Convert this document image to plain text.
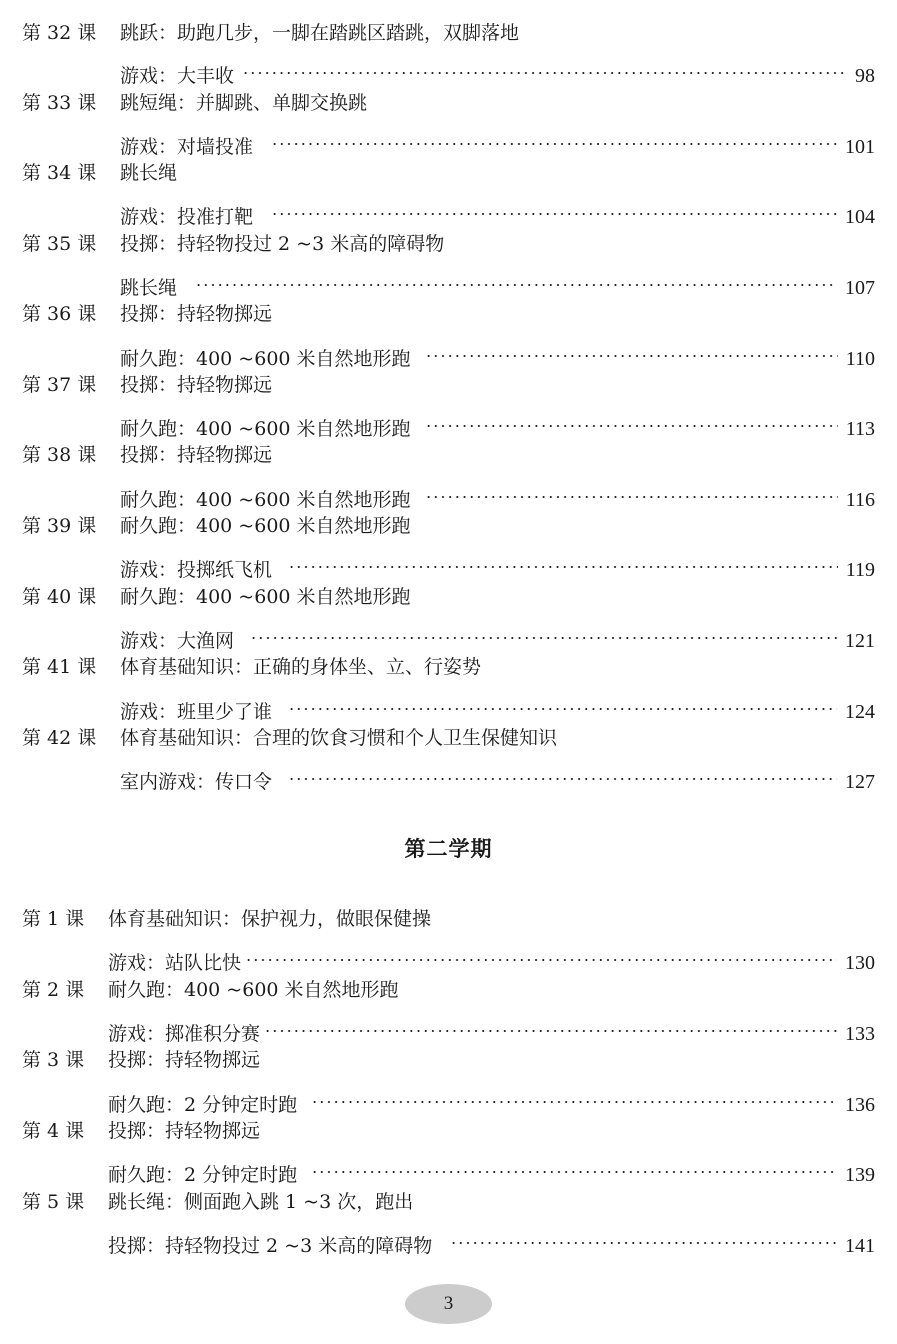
第 32 课 跳跃：助跑几步，一脚在踏跳区踏跳，双脚落地
游戏：大丰收	98
第 33 课 跳短绳：并脚跳、单脚交换跳
游戏：对墙投准	101
第 34 课 跳长绳
游戏：投准打靶	104
第 35 课 投掷：持轻物投过 2 ~3 米高的障碍物
跳长绳	107
第 36 课 投掷：持轻物掷远
耐久跑：400 ~600 米自然地形跑	110
第 37 课 投掷：持轻物掷远
耐久跑：400 ~600 米自然地形跑	113
第 38 课 投掷：持轻物掷远
耐久跑：400 ~600 米自然地形跑	116
第 39 课 耐久跑：400 ~600 米自然地形跑
游戏：投掷纸飞机	119
第 40 课 耐久跑：400 ~600 米自然地形跑
游戏：大渔网	121
第 41 课 体育基础知识：正确的身体坐、立、行姿势
游戏：班里少了谁	124
第 42 课 体育基础知识：合理的饮食习惯和个人卫生保健知识
室内游戏：传口令	127
第二学期
第 1 课 体育基础知识：保护视力，做眼保健操
游戏：站队比快	130
第 2 课 耐久跑：400 ~600 米自然地形跑
游戏：掷准积分赛	133
第 3 课 投掷：持轻物掷远
耐久跑：2 分钟定时跑	136
第 4 课 投掷：持轻物掷远
耐久跑：2 分钟定时跑	139
第 5 课 跳长绳：侧面跑入跳 1 ~3 次，跑出
投掷：持轻物投过 2 ~3 米高的障碍物	141
3
